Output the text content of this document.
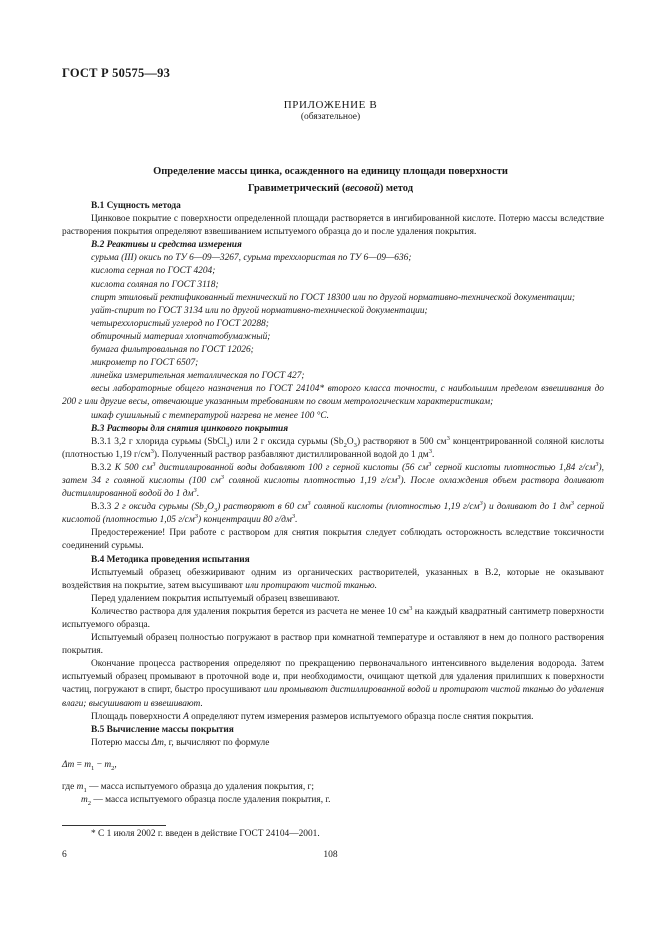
ГОСТ Р 50575—93
ПРИЛОЖЕНИЕ В
(обязательное)
Определение массы цинка, осажденного на единицу площади поверхности
Гравиметрический (весовой) метод

В.1 Сущность метода

Цинковое покрытие с поверхности определенной площади растворяется в ингибированной кислоте. Потерю массы вследствие растворения покрытия определяют взвешиванием испытуемого образца до и после удаления покрытия.

В.2 Реактивы и средства измерения

сурьма (III) окись по ТУ 6—09—3267, сурьма треххлористая по ТУ 6—09—636;

кислота серная по ГОСТ 4204;

кислота соляная по ГОСТ 3118;

спирт этиловый ректификованный технический по ГОСТ 18300 или по другой нормативно-технической документации;

уайт-спирит по ГОСТ 3134 или по другой нормативно-технической документации;

четыреххлористый углерод по ГОСТ 20288;

обтирочный материал хлопчатобумажный;

бумага фильтровальная по ГОСТ 12026;

микрометр по ГОСТ 6507;

линейка измерительная металлическая по ГОСТ 427;

весы лабораторные общего назначения по ГОСТ 24104* второго класса точности, с наибольшим пределом взвешивания до 200 г или другие весы, отвечающие указанным требованиям по своим метрологическим характеристикам;

шкаф сушильный с температурой нагрева не менее 100 °С.

В.3 Растворы для снятия цинкового покрытия

В.3.1 3,2 г хлорида сурьмы (SbCl$_3$) или 2 г оксида сурьмы $(Sb_2O_3)$ растворяют в 500 $см^3$ концентрированной соляной кислоты (плотностью 1,19 $г/см^3$). Полученный раствор разбавляют дистиллированной водой до 1 $дм^3$.

В.3.2 К 500 $см^3$ дистиллированной воды добавляют 100 г серной кислоты (56 $см^3$ серной кислоты плотностью 1,84 $г/см^3$), затем 34 г соляной кислоты (100 $см^3$ соляной кислоты плотностью 1,19 $г/см^3$). После охлаждения объем раствора доливают дистиллированной водой до 1 $дм^3$.

В.3.3 2 г оксида сурьмы $(Sb_2O_3)$ растворяют в 60 $см^3$ соляной кислоты (плотностью 1,19 $г/см^3$) и доливают до 1 $дм^3$ серной кислотой (плотностью 1,05 $г/см^3$) концентрации 80 $г/дм^3$.

Предостережение! При работе с раствором для снятия покрытия следует соблюдать осторожность вследствие токсичности соединений сурьмы.

В.4 Методика проведения испытания

Испытуемый образец обезжиривают одним из органических растворителей, указанных в В.2, которые не оказывают воздействия на покрытие, затем высушивают или протирают чистой тканью.

Перед удалением покрытия испытуемый образец взвешивают.

Количество раствора для удаления покрытия берется из расчета не менее 10 $см^3$ на каждый квадратный сантиметр поверхности испытуемого образца.

Испытуемый образец полностью погружают в раствор при комнатной температуре и оставляют в нем до полного растворения покрытия.

Окончание процесса растворения определяют по прекращению первоначального интенсивного выделения водорода. Затем испытуемый образец промывают в проточной воде и, при необходимости, очищают щеткой для удаления прилипших к поверхности частиц, погружают в спирт, быстро просушивают или промывают дистиллированной водой и протирают чистой тканью до удаления влаги; высушивают и взвешивают.

Площадь поверхности А определяют путем измерения размеров испытуемого образца после снятия покрытия.

В.5 Вычисление массы покрытия

Потерю массы Δm, г, вычисляют по формуле

$\Delta m = m_1 - m_2$,

где $m_1$ — масса испытуемого образца до удаления покрытия, г;

$m_2$ — масса испытуемого образца после удаления покрытия, г.

* С 1 июля 2002 г. введен в действие ГОСТ 24104—2001.
6	108
